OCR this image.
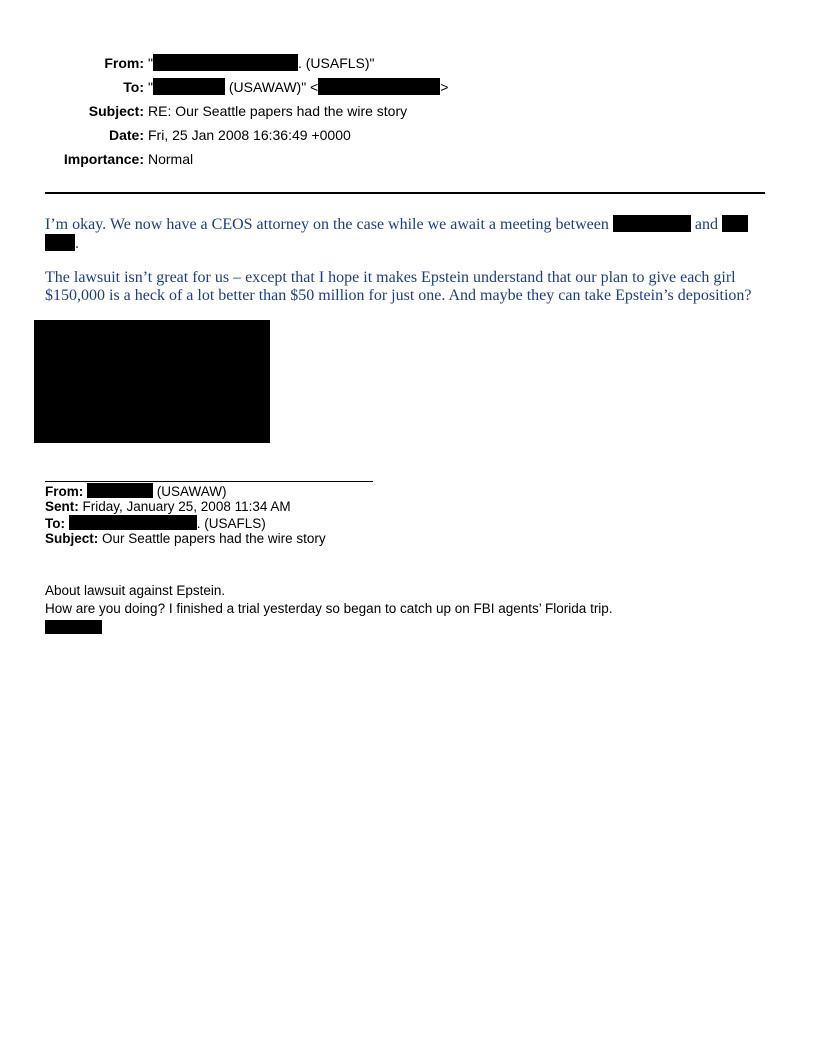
From: "	. (USAFLS)"
To: "	(USAWAW)" <	>
Subject: RE: Our Seattle papers had the wire story
Date: Fri, 25 Jan 2008 16:36:49 +0000
Importance: Normal
I’m okay. We now have a CEOS attorney on the case while we await a meeting between	and
.
The lawsuit isn’t great for us – except that I hope it makes Epstein understand that our plan to give each girl $150,000 is a heck of a lot better than $50 million for just one. And maybe they can take Epstein’s deposition?
From:	(USAWAW)
Sent: Friday, January 25, 2008 11:34 AM
To:	. (USAFLS)
Subject: Our Seattle papers had the wire story
About lawsuit against Epstein.
How are you doing? I finished a trial yesterday so began to catch up on FBI agents’ Florida trip.
